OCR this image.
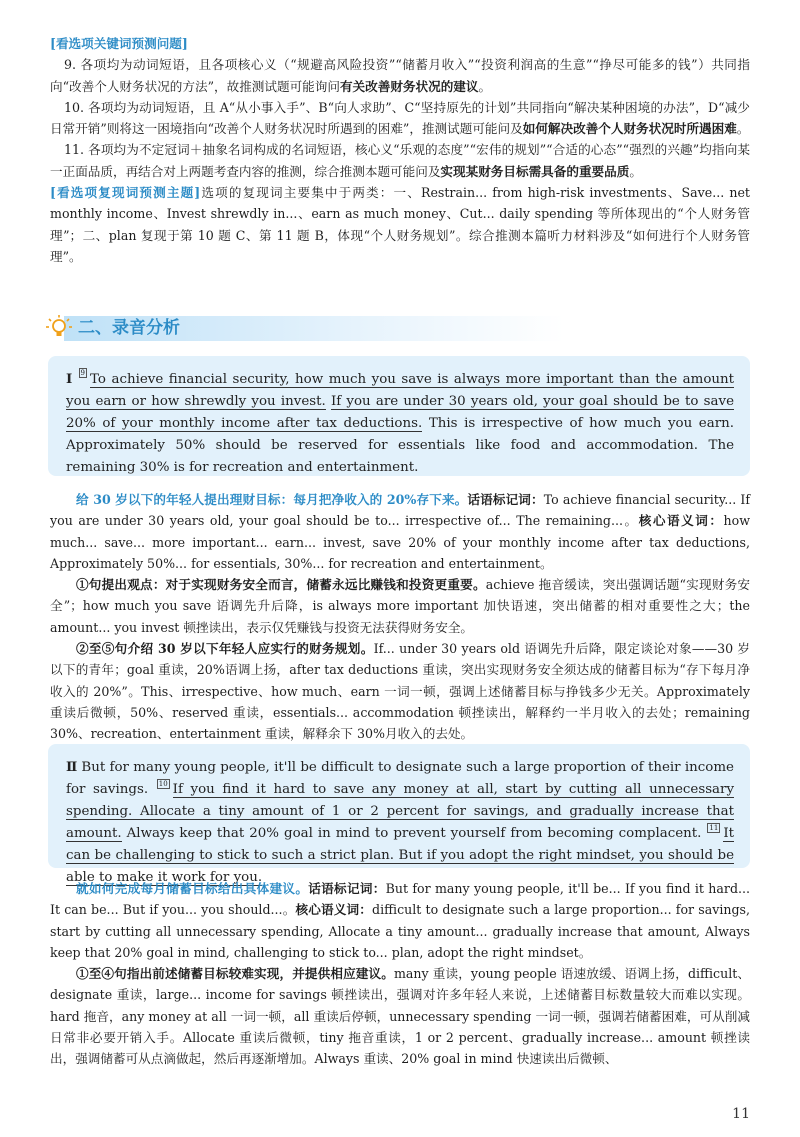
[看选项关键词预测问题]
9. 各项均为动词短语，且各项核心义（“规避高风险投资”“储蓄月收入”“投资利润高的生意”“挣尽可能多的钱”）共同指向“改善个人财务状况的方法”，故推测试题可能询问有关改善财务状况的建议。
10. 各项均为动词短语，且 A“从小事入手”、B“向人求助”、C“坚持原先的计划”共同指向“解决某种困境的办法”，D“减少日常开销”则将这一困境指向“改善个人财务状况时所遇到的困难”，推测试题可能问及如何解决改善个人财务状况时所遇困难。
11. 各项均为不定冠词＋抽象名词构成的名词短语，核心义“乐观的态度”“宏伟的规划”“合适的心态”“强烈的兴趣”均指向某一正面品质，再结合对上两题考查内容的推测，综合推测本题可能问及实现某财务目标需具备的重要品质。
[看选项复现词预测主题]选项的复现词主要集中于两类：一、Restrain... from high-risk investments、Save... net monthly income、Invest shrewdly in...、earn as much money、Cut... daily spending 等所体现出的“个人财务管理”；二、plan 复现于第 10 题 C、第 11 题 B，体现“个人财务规划”。综合推测本篇听力材料涉及“如何进行个人财务管理”。
二、录音分析
Ⅰ 9 To achieve financial security, how much you save is always more important than the amount you earn or how shrewdly you invest. If you are under 30 years old, your goal should be to save 20% of your monthly income after tax deductions. This is irrespective of how much you earn. Approximately 50% should be reserved for essentials like food and accommodation. The remaining 30% is for recreation and entertainment.
给 30 岁以下的年轻人提出理财目标：每月把净收入的 20%存下来。话语标记词：To achieve financial security... If you are under 30 years old, your goal should be to... irrespective of... The remaining...。核心语义词：how much... save... more important... earn... invest, save 20% of your monthly income after tax deductions, Approximately 50%... for essentials, 30%... for recreation and entertainment。
①句提出观点：对于实现财务安全而言，储蓄永远比赚钱和投资更重要。achieve 拖音缓读，突出强调话题“实现财务安全”；how much you save 语调先升后降，is always more important 加快语速，突出储蓄的相对重要性之大；the amount... you invest 顿挫读出，表示仅凭赚钱与投资无法获得财务安全。
②至⑤句介绍 30 岁以下年轻人应实行的财务规划。If... under 30 years old 语调先升后降，限定谈论对象——30 岁以下的青年；goal 重读，20%语调上扬，after tax deductions 重读，突出实现财务安全须达成的储蓄目标为“存下每月净收入的 20%”。This、irrespective、how much、earn 一词一顿，强调上述储蓄目标与挣钱多少无关。Approximately 重读后微顿，50%、reserved 重读，essentials... accommodation 顿挫读出，解释约一半月收入的去处；remaining 30%、recreation、entertainment 重读，解释余下 30%月收入的去处。
Ⅱ But for many young people, it'll be difficult to designate such a large proportion of their income for savings. 10 If you find it hard to save any money at all, start by cutting all unnecessary spending. Allocate a tiny amount of 1 or 2 percent for savings, and gradually increase that amount. Always keep that 20% goal in mind to prevent yourself from becoming complacent. 11 It can be challenging to stick to such a strict plan. But if you adopt the right mindset, you should be able to make it work for you.
就如何完成每月储蓄目标给出具体建议。话语标记词：But for many young people, it'll be... If you find it hard... It can be... But if you... you should...。核心语义词：difficult to designate such a large proportion... for savings, start by cutting all unnecessary spending, Allocate a tiny amount... gradually increase that amount, Always keep that 20% goal in mind, challenging to stick to... plan, adopt the right mindset。
①至④句指出前述储蓄目标较难实现，并提供相应建议。many 重读，young people 语速放缓、语调上扬，difficult、designate 重读，large... income for savings 顿挫读出，强调对许多年轻人来说，上述储蓄目标数量较大而难以实现。hard 拖音，any money at all 一词一顿，all 重读后停顿，unnecessary spending 一词一顿，强调若储蓄困难，可从削减日常非必要开销入手。Allocate 重读后微顿，tiny 拖音重读，1 or 2 percent、gradually increase... amount 顿挫读出，强调储蓄可从点滴做起，然后再逐渐增加。Always 重读、20% goal in mind 快速读出后微顿、
11
